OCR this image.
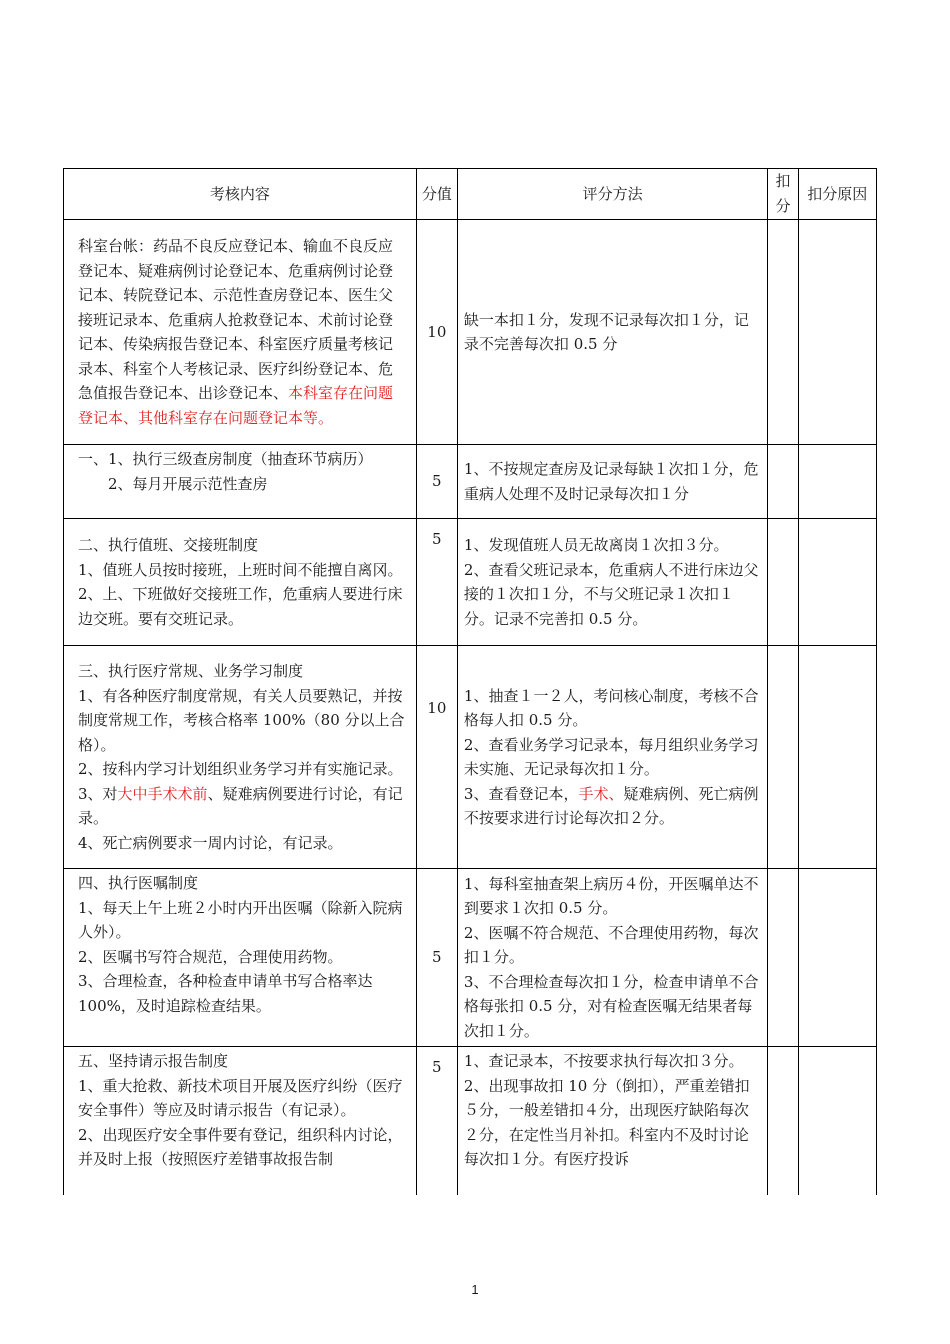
考核内容	分值	评分方法	扣分	扣分原因

科室台帐：药品不良反应登记本、输血不良反应登记本、疑难病例讨论登记本、危重病例讨论登记本、转院登记本、示范性查房登记本、医生父接班记录本、危重病人抢救登记本、术前讨论登记本、传染病报告登记本、科室医疗质量考核记录本、科室个人考核记录、医疗纠纷登记本、危急值报告登记本、出诊登记本、本科室存在问题登记本、其他科室存在问题登记本等。	10	缺一本扣１分，发现不记录每次扣１分，记录不完善每次扣 0.5 分		

一、1、执行三级查房制度（抽查环节病历）
2、每月开展示范性查房	5	1、不按规定查房及记录每缺１次扣１分，危重病人处理不及时记录每次扣１分		

二、执行值班、交接班制度
1、值班人员按时接班，上班时间不能擅自离冈。
2、上、下班做好交接班工作，危重病人要进行床边交班。要有交班记录。	5	1、发现值班人员无故离岗１次扣３分。
2、查看父班记录本，危重病人不进行床边父接的１次扣１分，不与父班记录１次扣１分。记录不完善扣 0.5 分。		

三、执行医疗常规、业务学习制度
1、有各种医疗制度常规，有关人员要熟记，并按制度常规工作，考核合格率 100%（80 分以上合格）。
2、按科内学习计划组织业务学习并有实施记录。
3、对大中手术术前、疑难病例要进行讨论，有记录。
4、死亡病例要求一周内讨论，有记录。	10	1、抽查１一２人，考问核心制度，考核不合格每人扣 0.5 分。
2、查看业务学习记录本，每月组织业务学习未实施、无记录每次扣１分。
3、查看登记本，手术、疑难病例、死亡病例不按要求进行讨论每次扣２分。		

四、执行医嘱制度
1、每天上午上班２小时内开出医嘱（除新入院病人外）。
2、医嘱书写符合规范，合理使用药物。
3、合理检查，各种检查申请单书写合格率达 100%，及时追踪检查结果。	5	1、每科室抽查架上病历４份，开医嘱单达不到要求１次扣 0.5 分。
2、医嘱不符合规范、不合理使用药物，每次扣１分。
3、不合理检查每次扣１分，检查申请单不合格每张扣 0.5 分，对有检查医嘱无结果者每次扣１分。		

五、坚持请示报告制度
1、重大抢救、新技术项目开展及医疗纠纷（医疗安全事件）等应及时请示报告（有记录）。
2、出现医疗安全事件要有登记，组织科内讨论，并及时上报（按照医疗差错事故报告制	5	1、查记录本，不按要求执行每次扣３分。
2、出现事故扣 10 分（倒扣），严重差错扣５分，一般差错扣４分，出现医疗缺陷每次２分，在定性当月补扣。科室内不及时讨论每次扣１分。有医疗投诉		

1
